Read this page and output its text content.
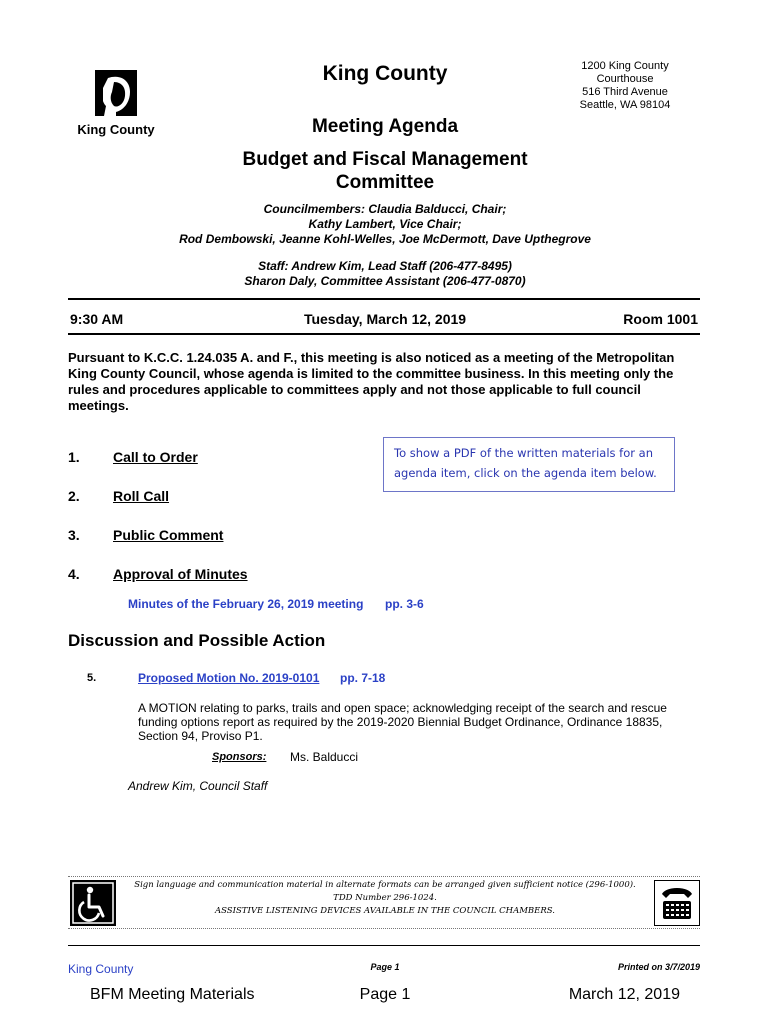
King County
King County	1200 King County
Courthouse
516 Third Avenue
Seattle, WA 98104
Meeting Agenda
Budget and Fiscal Management
Committee
Councilmembers: Claudia Balducci, Chair;
Kathy Lambert, Vice Chair;
Rod Dembowski, Jeanne Kohl-Welles, Joe McDermott, Dave Upthegrove
Staff: Andrew Kim, Lead Staff (206-477-8495)
Sharon Daly, Committee Assistant (206-477-0870)
9:30 AM	Tuesday, March 12, 2019	Room 1001
Pursuant to K.C.C. 1.24.035 A. and F., this meeting is also noticed as a meeting of the Metropolitan King County Council, whose agenda is limited to the committee business. In this meeting only the rules and procedures applicable to committees apply and not those applicable to full council meetings.
To show a PDF of the written materials for an agenda item, click on the agenda item below.
1. Call to Order
2. Roll Call
3. Public Comment
4. Approval of Minutes
Minutes of the February 26, 2019 meeting pp. 3-6
Discussion and Possible Action
5.	Proposed Motion No. 2019-0101 pp. 7-18
A MOTION relating to parks, trails and open space; acknowledging receipt of the search and rescue funding options report as required by the 2019-2020 Biennial Budget Ordinance, Ordinance 18835, Section 94, Proviso P1.
Sponsors: Ms. Balducci
Andrew Kim, Council Staff
Sign language and communication material in alternate formats can be arranged given sufficient notice (296-1000).
TDD Number 296-1024.
ASSISTIVE LISTENING DEVICES AVAILABLE IN THE COUNCIL CHAMBERS.
King County	Page 1	Printed on 3/7/2019
BFM Meeting Materials	Page 1	March 12, 2019
